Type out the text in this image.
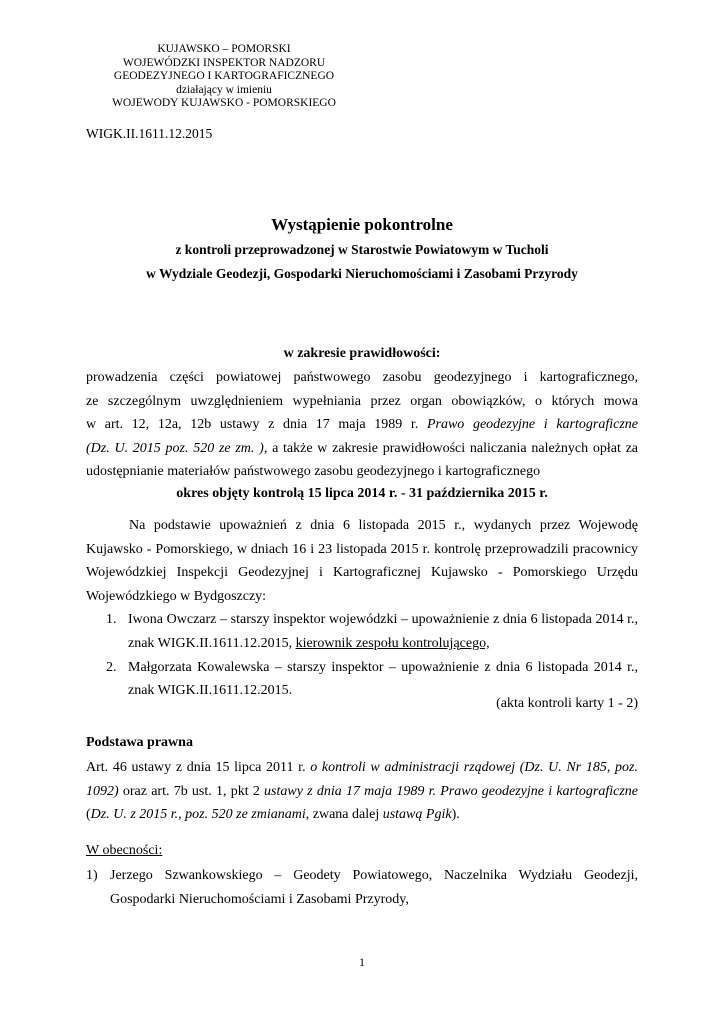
KUJAWSKO – POMORSKI
WOJEWÓDZKI INSPEKTOR NADZORU
GEODEZYJNEGO I KARTOGRAFICZNEGO
działający w imieniu
WOJEWODY KUJAWSKO - POMORSKIEGO
WIGK.II.1611.12.2015
Wystąpienie pokontrolne
z kontroli przeprowadzonej w Starostwie Powiatowym w Tucholi
w Wydziale Geodezji, Gospodarki Nieruchomościami i Zasobami Przyrody
w zakresie prawidłowości:
prowadzenia części powiatowej państwowego zasobu geodezyjnego i kartograficznego,
ze szczególnym uwzględnieniem wypełniania przez organ obowiązków, o których mowa
w art. 12, 12a, 12b ustawy z dnia 17 maja 1989 r. Prawo geodezyjne i kartograficzne
(Dz. U. 2015 poz. 520 ze zm. ), a także w zakresie prawidłowości naliczania należnych opłat za
udostępnianie materiałów państwowego zasobu geodezyjnego i kartograficznego
okres objęty kontrolą 15 lipca 2014 r. - 31 października 2015 r.
Na podstawie upoważnień z dnia 6 listopada 2015 r., wydanych przez Wojewodę Kujawsko - Pomorskiego, w dniach 16 i 23 listopada 2015 r. kontrolę przeprowadzili pracownicy Wojewódzkiej Inspekcji Geodezyjnej i Kartograficznej Kujawsko - Pomorskiego Urzędu Wojewódzkiego w Bydgoszczy:
1. Iwona Owczarz – starszy inspektor wojewódzki – upoważnienie z dnia 6 listopada 2014 r., znak WIGK.II.1611.12.2015, kierownik zespołu kontrolującego,
2. Małgorzata Kowalewska – starszy inspektor – upoważnienie z dnia 6 listopada 2014 r., znak WIGK.II.1611.12.2015.
(akta kontroli karty 1 - 2)
Podstawa prawna
Art. 46 ustawy z dnia 15 lipca 2011 r. o kontroli w administracji rządowej (Dz. U. Nr 185, poz. 1092) oraz art. 7b ust. 1, pkt 2 ustawy z dnia 17 maja 1989 r. Prawo geodezyjne i kartograficzne (Dz. U. z 2015 r., poz. 520 ze zmianami, zwana dalej ustawą Pgik).
W obecności:
1) Jerzego Szwankowskiego – Geodety Powiatowego, Naczelnika Wydziału Geodezji, Gospodarki Nieruchomościami i Zasobami Przyrody,
1
